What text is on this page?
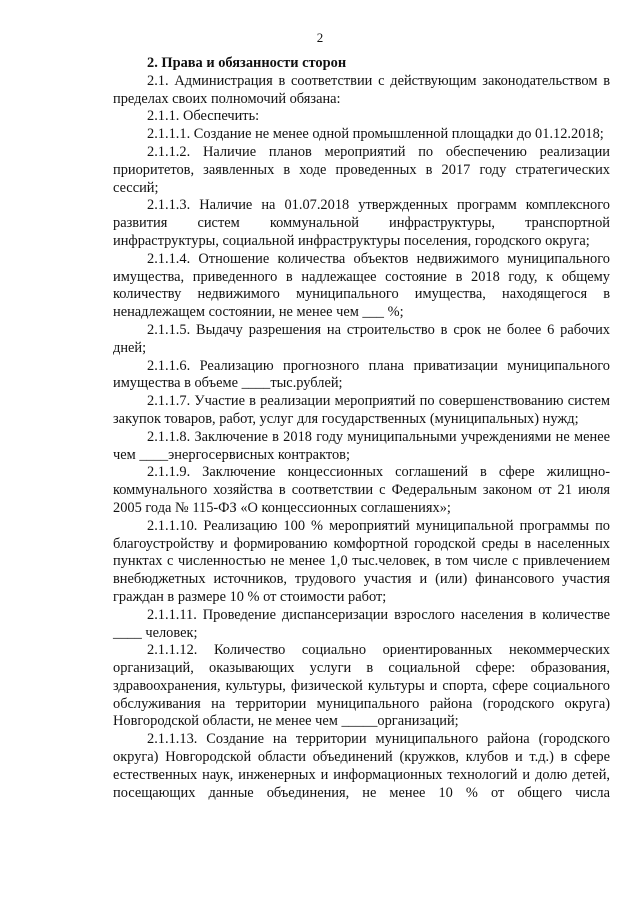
2

2. Права и обязанности сторон

2.1. Администрация в соответствии с действующим законодательством в пределах своих полномочий обязана:

2.1.1. Обеспечить:

2.1.1.1. Создание не менее одной промышленной площадки до 01.12.2018;

2.1.1.2. Наличие планов мероприятий по обеспечению реализации приоритетов, заявленных в ходе проведенных в 2017 году стратегических сессий;

2.1.1.3. Наличие на 01.07.2018 утвержденных программ комплексного развития систем коммунальной инфраструктуры, транспортной инфраструктуры, социальной инфраструктуры поселения, городского округа;

2.1.1.4. Отношение количества объектов недвижимого муниципального имущества, приведенного в надлежащее состояние в 2018 году, к общему количеству недвижимого муниципального имущества, находящегося в ненадлежащем состоянии, не менее чем ___ %;

2.1.1.5. Выдачу разрешения на строительство в срок не более 6 рабочих дней;

2.1.1.6. Реализацию прогнозного плана приватизации муниципального имущества в объеме ____тыс.рублей;

2.1.1.7. Участие в реализации мероприятий по совершенствованию систем закупок товаров, работ, услуг для государственных (муниципальных) нужд;

2.1.1.8. Заключение в 2018 году муниципальными учреждениями не менее чем ____энергосервисных контрактов;

2.1.1.9. Заключение концессионных соглашений в сфере жилищно-коммунального хозяйства в соответствии с Федеральным законом от 21 июля 2005 года № 115-ФЗ «О концессионных соглашениях»;

2.1.1.10. Реализацию 100 % мероприятий муниципальной программы по благоустройству и формированию комфортной городской среды в населенных пунктах с численностью не менее 1,0 тыс.человек, в том числе с привлечением внебюджетных источников, трудового участия и (или) финансового участия граждан в размере 10 % от стоимости работ;

2.1.1.11. Проведение диспансеризации взрослого населения в количестве ____ человек;

2.1.1.12. Количество социально ориентированных некоммерческих организаций, оказывающих услуги в социальной сфере: образования, здравоохранения, культуры, физической культуры и спорта, сфере социального обслуживания на территории муниципального района (городского округа) Новгородской области, не менее чем _____организаций;

2.1.1.13. Создание на территории муниципального района (городского округа) Новгородской области объединений (кружков, клубов и т.д.) в сфере естественных наук, инженерных и информационных технологий и долю детей, посещающих данные объединения, не менее 10 % от общего числа
